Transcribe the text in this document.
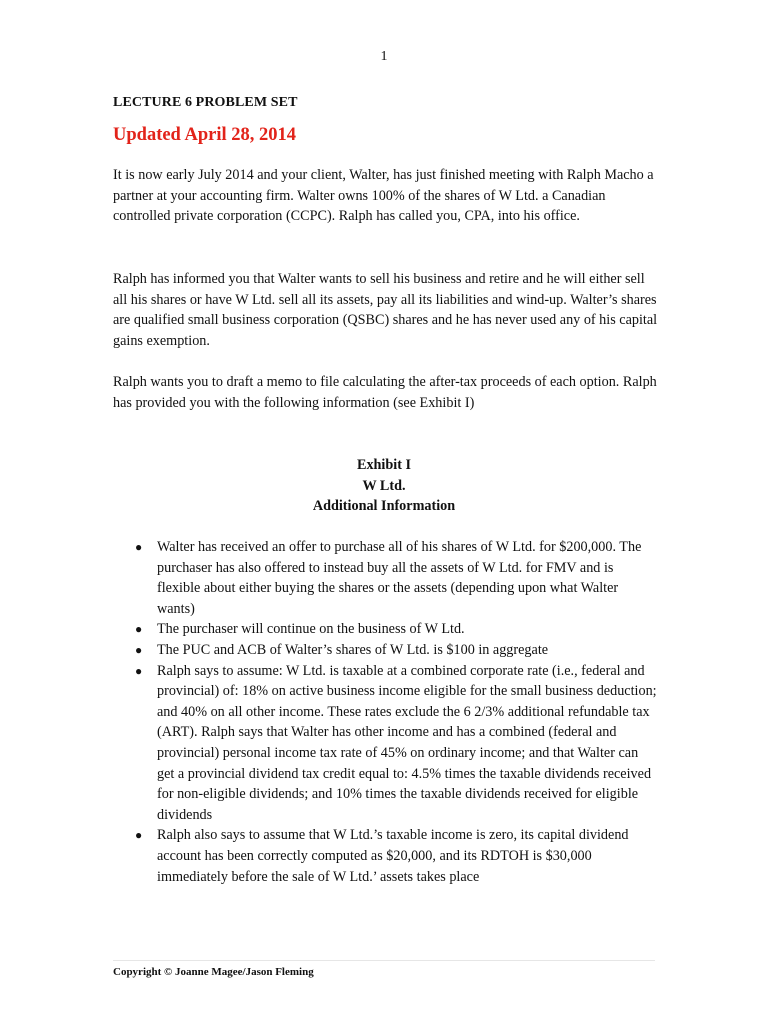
1
LECTURE 6 PROBLEM SET
Updated April 28, 2014

It is now early July 2014 and your client, Walter, has just finished meeting with Ralph Macho a partner at your accounting firm. Walter owns 100% of the shares of W Ltd. a Canadian controlled private corporation (CCPC). Ralph has called you, CPA, into his office.

Ralph has informed you that Walter wants to sell his business and retire and he will either sell all his shares or have W Ltd. sell all its assets, pay all its liabilities and wind-up. Walter’s shares are qualified small business corporation (QSBC) shares and he has never used any of his capital gains exemption.

Ralph wants you to draft a memo to file calculating the after-tax proceeds of each option. Ralph has provided you with the following information (see Exhibit I)

Exhibit I
W Ltd.
Additional Information
● Walter has received an offer to purchase all of his shares of W Ltd. for $200,000. The purchaser has also offered to instead buy all the assets of W Ltd. for FMV and is flexible about either buying the shares or the assets (depending upon what Walter wants)
● The purchaser will continue on the business of W Ltd.
● The PUC and ACB of Walter’s shares of W Ltd. is $100 in aggregate
● Ralph says to assume: W Ltd. is taxable at a combined corporate rate (i.e., federal and provincial) of: 18% on active business income eligible for the small business deduction; and 40% on all other income. These rates exclude the 6 2/3% additional refundable tax (ART). Ralph says that Walter has other income and has a combined (federal and provincial) personal income tax rate of 45% on ordinary income; and that Walter can get a provincial dividend tax credit equal to: 4.5% times the taxable dividends received for non-eligible dividends; and 10% times the taxable dividends received for eligible dividends
● Ralph also says to assume that W Ltd.’s taxable income is zero, its capital dividend account has been correctly computed as $20,000, and its RDTOH is $30,000 immediately before the sale of W Ltd.’ assets takes place
Copyright © Joanne Magee/Jason Fleming
